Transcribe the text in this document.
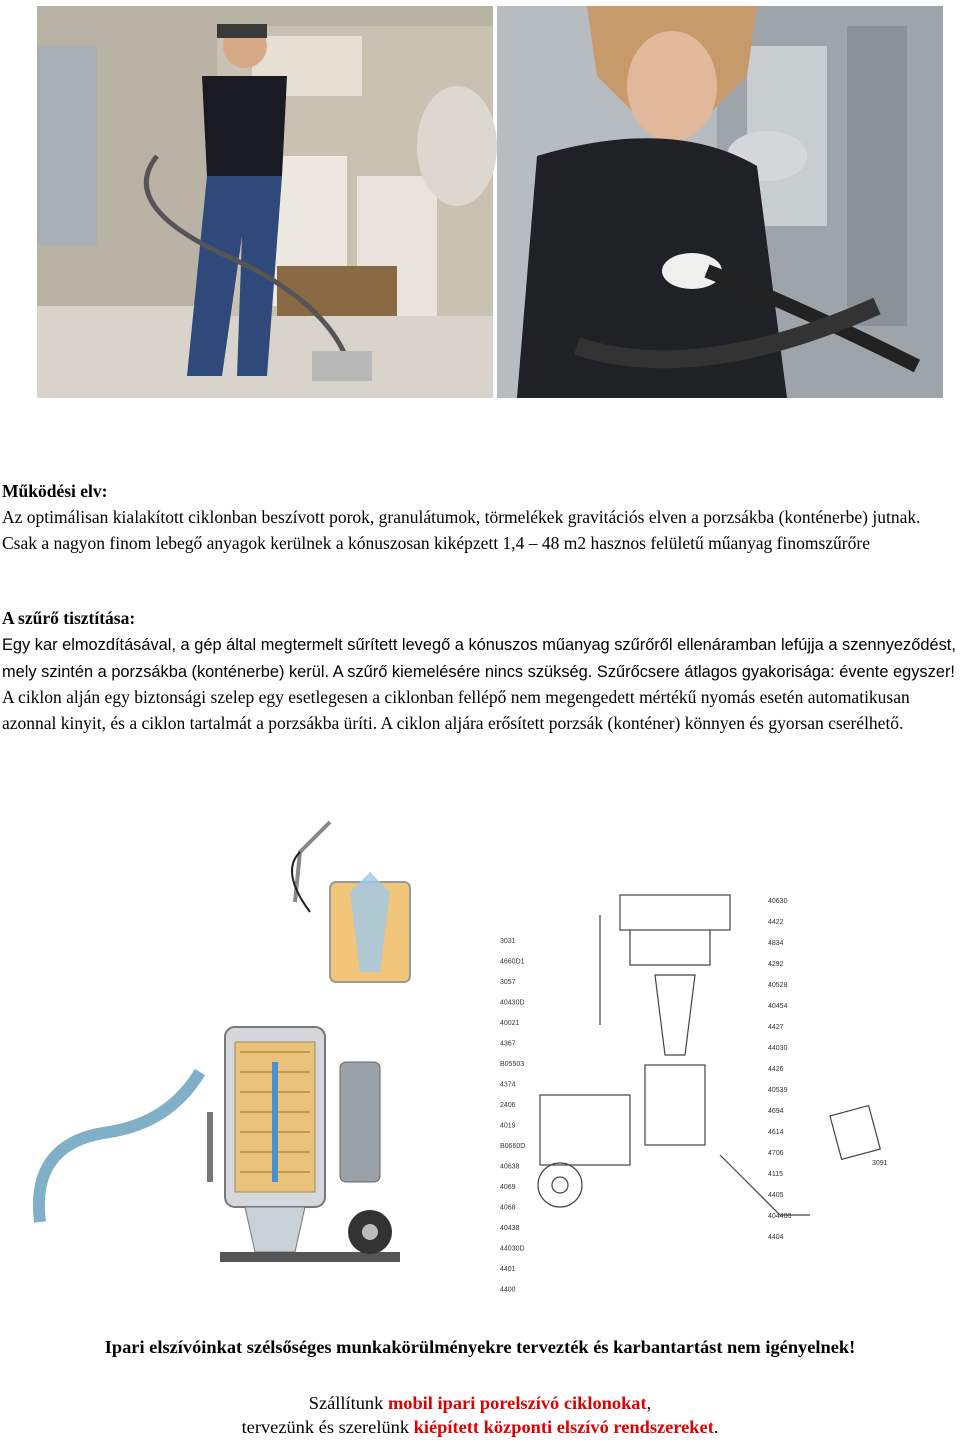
Működési elv:

Az optimálisan kialakított ciklonban beszívott porok, granulátumok, törmelékek gravitációs elven a porzsákba (konténerbe) jutnak. Csak a nagyon finom lebegő anyagok kerülnek a kónuszosan kiképzett 1,4 – 48 m2 hasznos felületű műanyag finomszűrőre

A szűrő tisztítása:

Egy kar elmozdításával, a gép által megtermelt sűrített levegő a kónuszos műanyag szűrőről ellenáramban lefújja a szennyeződést, mely szintén a porzsákba (konténerbe) kerül. A szűrő kiemelésére nincs szükség. Szűrőcsere átlagos gyakorisága: évente egyszer! A ciklon alján egy biztonsági szelep egy esetlegesen a ciklonban fellépő nem megengedett mértékű nyomás esetén automatikusan azonnal kinyit, és a ciklon tartalmát a porzsákba üríti. A ciklon aljára erősített porzsák (konténer) könnyen és gyorsan cserélhető.

3031
4660D1
3057
40430D
40021
4367
B05503
4374
2406
4019
B0660D
40638
4069
4068
40438
44030D
4401
4400
40630
4422
4834
4292
40528
40454
4427
44030
4426
40539
4694
4614
4706
4115
4405
404400
4404
3091
Ipari elszívóinkat szélsőséges munkakörülményekre tervezték és karbantartást nem igényelnek!
Szállítunk mobil ipari porelszívó ciklonokat,
tervezünk és szerelünk kiépített központi elszívó rendszereket.
